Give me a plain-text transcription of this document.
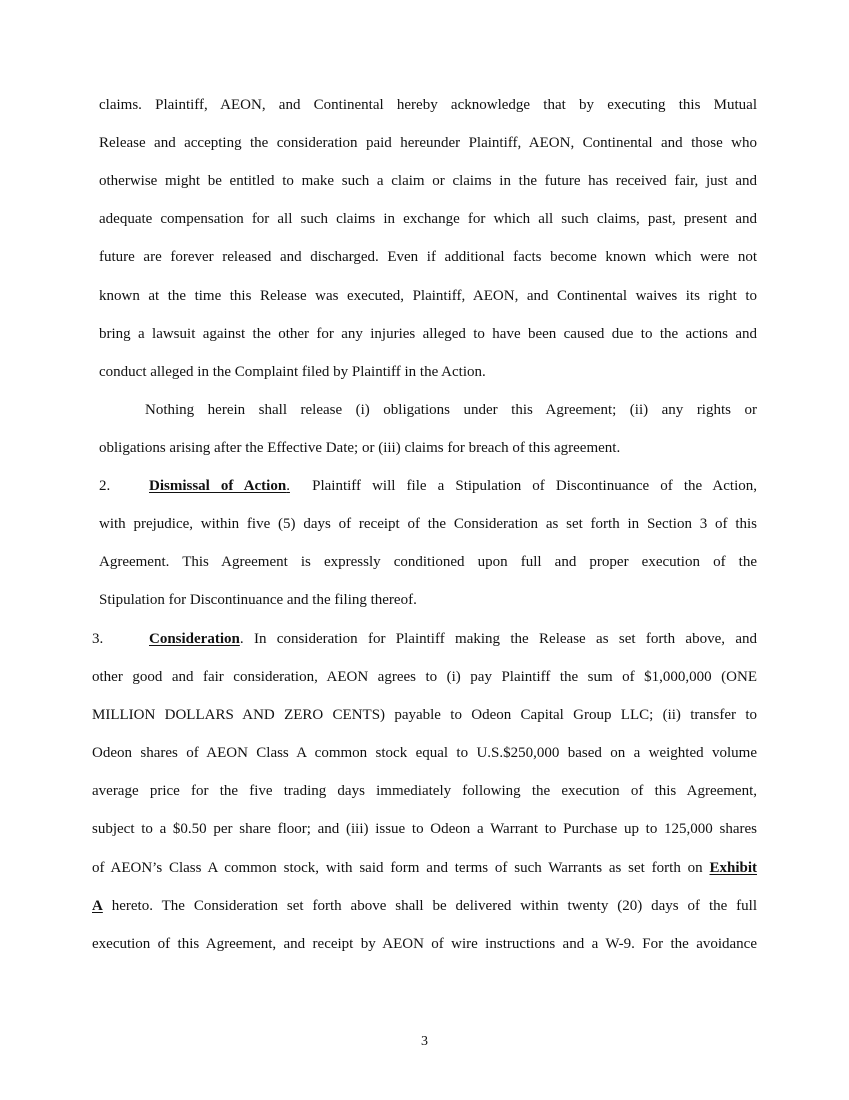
claims. Plaintiff, AEON, and Continental hereby acknowledge that by executing this Mutual

Release and accepting the consideration paid hereunder Plaintiff, AEON, Continental and those who

otherwise might be entitled to make such a claim or claims in the future has received fair, just and

adequate compensation for all such claims in exchange for which all such claims, past, present and

future are forever released and discharged. Even if additional facts become known which were not

known at the time this Release was executed, Plaintiff, AEON, and Continental waives its right to

bring a lawsuit against the other for any injuries alleged to have been caused due to the actions and

conduct alleged in the Complaint filed by Plaintiff in the Action.

Nothing herein shall release (i) obligations under this Agreement; (ii) any rights or

obligations arising after the Effective Date; or (iii) claims for breach of this agreement.

2.	Dismissal of Action. Plaintiff will file a Stipulation of Discontinuance of the Action,

with prejudice, within five (5) days of receipt of the Consideration as set forth in Section 3 of this

Agreement. This Agreement is expressly conditioned upon full and proper execution of the

Stipulation for Discontinuance and the filing thereof.

3.	Consideration. In consideration for Plaintiff making the Release as set forth above, and

other good and fair consideration, AEON agrees to (i) pay Plaintiff the sum of $1,000,000 (ONE

MILLION DOLLARS AND ZERO CENTS) payable to Odeon Capital Group LLC; (ii) transfer to

Odeon shares of AEON Class A common stock equal to U.S.$250,000 based on a weighted volume

average price for the five trading days immediately following the execution of this Agreement,

subject to a $0.50 per share floor; and (iii) issue to Odeon a Warrant to Purchase up to 125,000 shares

of AEON’s Class A common stock, with said form and terms of such Warrants as set forth on Exhibit

A hereto. The Consideration set forth above shall be delivered within twenty (20) days of the full

execution of this Agreement, and receipt by AEON of wire instructions and a W-9. For the avoidance

3
